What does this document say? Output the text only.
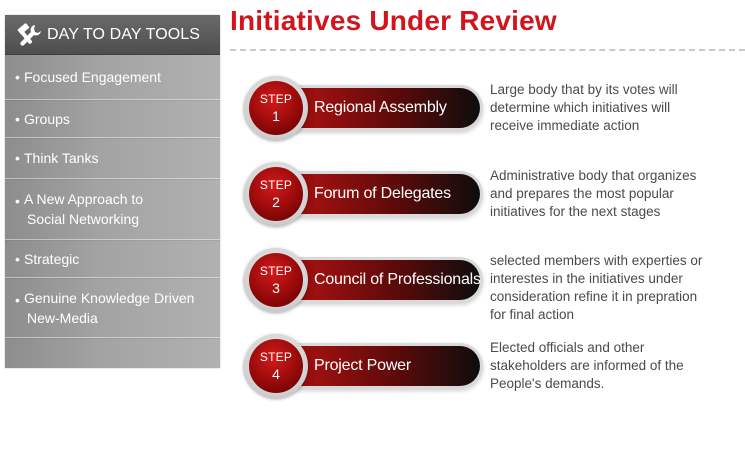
DAY TO DAY TOOLS
• Focused Engagement
• Groups
• Think Tanks
• A New Approach to
Social Networking
• Strategic
• Genuine Knowledge Driven
New-Media
Initiatives Under Review
Regional Assembly
STEP
1
Large body that by its votes will
determine which initiatives will
receive immediate action
Forum of Delegates
STEP
2
Administrative body that organizes
and prepares the most popular
initiatives for the next stages
Council of Professionals
STEP
3
selected members with experties or
interestes in the initiatives under
consideration refine it in prepration
for final action
Project Power
STEP
4
Elected officials and other
stakeholders are informed of the
People's demands.
